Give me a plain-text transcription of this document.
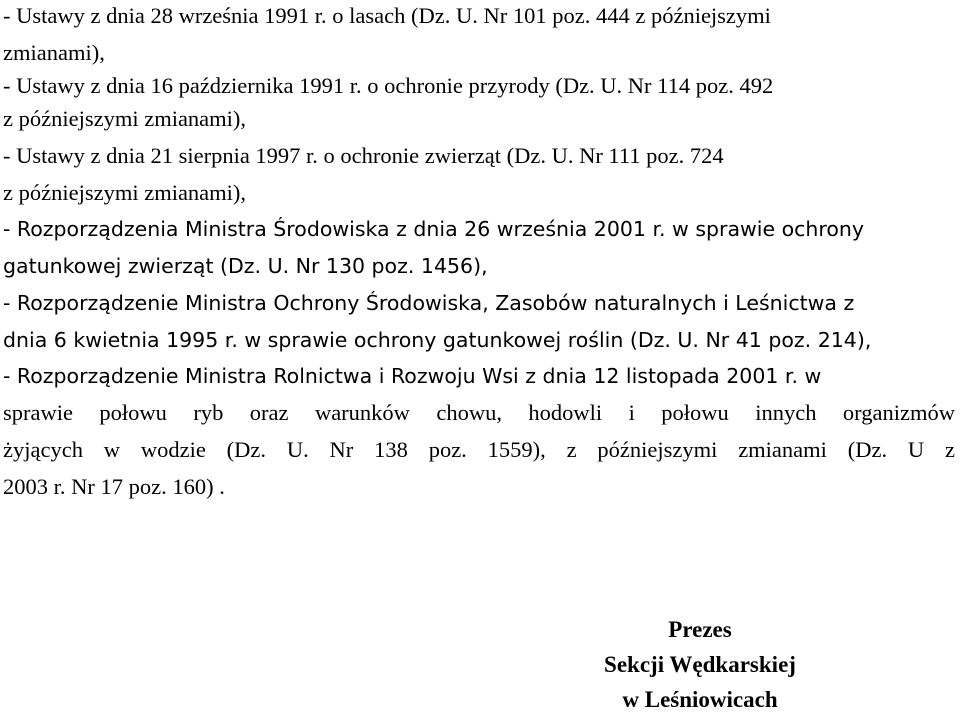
- Ustawy z dnia 28 września 1991 r. o lasach (Dz. U. Nr 101 poz. 444 z późniejszymi
zmianami),
- Ustawy z dnia 16 października 1991 r. o ochronie przyrody (Dz. U. Nr 114 poz. 492
z późniejszymi zmianami),
- Ustawy z dnia 21 sierpnia 1997 r. o ochronie zwierząt (Dz. U. Nr 111 poz. 724
z późniejszymi zmianami),
- Rozporządzenia Ministra Środowiska z dnia 26 września 2001 r. w sprawie ochrony
gatunkowej zwierząt (Dz. U. Nr 130 poz. 1456),
- Rozporządzenie Ministra Ochrony Środowiska, Zasobów naturalnych i Leśnictwa z
dnia 6 kwietnia 1995 r. w sprawie ochrony gatunkowej roślin (Dz. U. Nr 41 poz. 214),
- Rozporządzenie Ministra Rolnictwa i Rozwoju Wsi z dnia 12 listopada 2001 r. w
sprawie połowu ryb oraz warunków chowu, hodowli i połowu innych organizmów
żyjących w wodzie (Dz. U. Nr 138 poz. 1559), z późniejszymi zmianami (Dz. U z
2003 r. Nr 17 poz. 160) .
Prezes
Sekcji Wędkarskiej
w Leśniowicach
